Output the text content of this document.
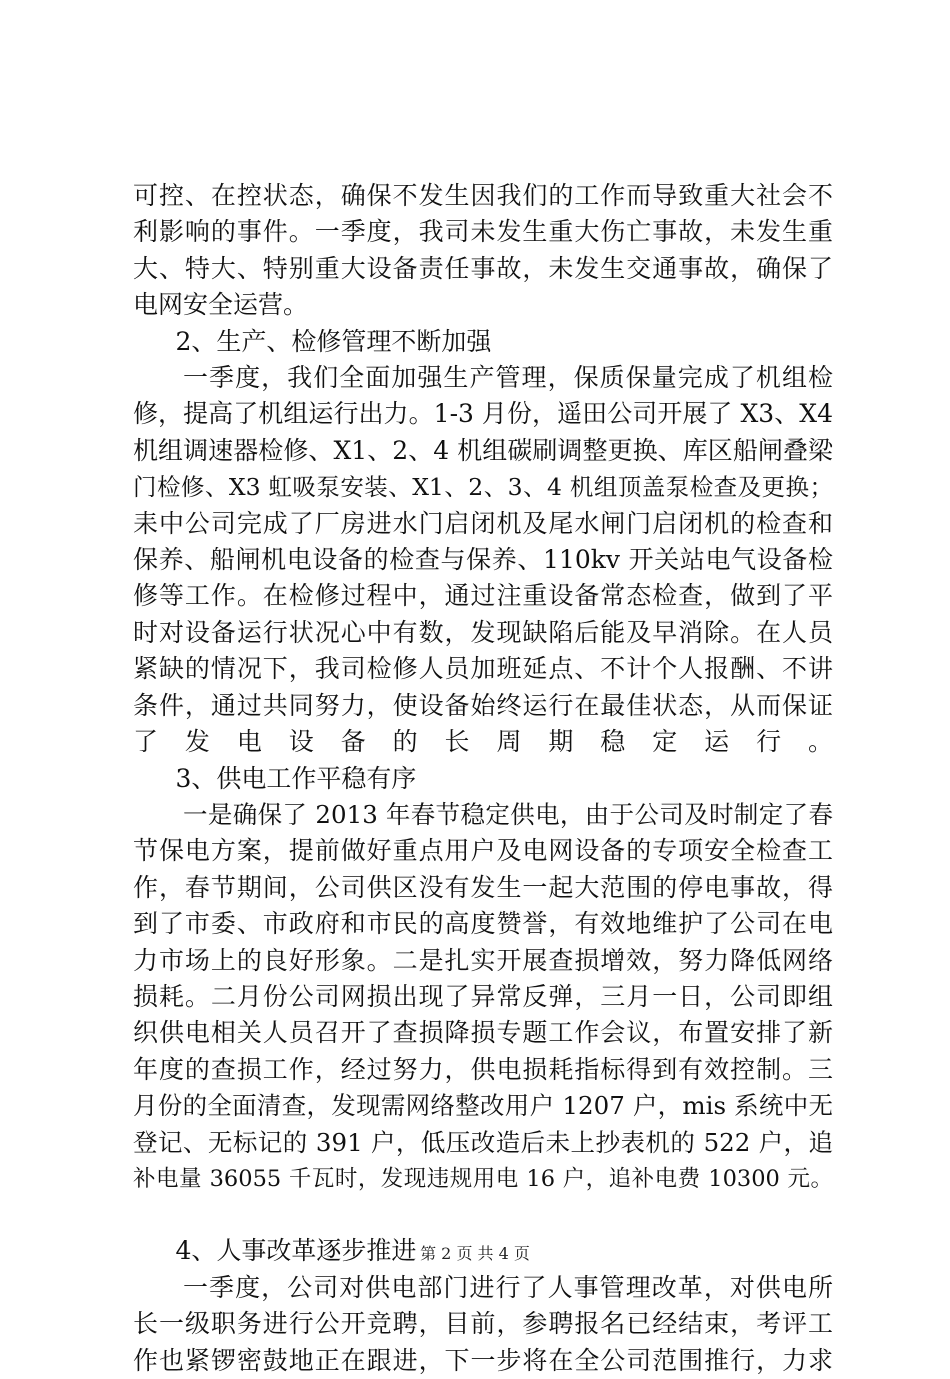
可控、在控状态，确保不发生因我们的工作而导致重大社会不
利影响的事件。一季度，我司未发生重大伤亡事故，未发生重
大、特大、特别重大设备责任事故，未发生交通事故，确保了
电网安全运营。
2、生产、检修管理不断加强
一季度，我们全面加强生产管理，保质保量完成了机组检
修，提高了机组运行出力。1-3 月份，遥田公司开展了 X3、X4
机组调速器检修、X1、2、4 机组碳刷调整更换、库区船闸叠梁
门检修、X3 虹吸泵安装、X1、2、3、4 机组顶盖泵检查及更换；
耒中公司完成了厂房进水门启闭机及尾水闸门启闭机的检查和
保养、船闸机电设备的检查与保养、110kv 开关站电气设备检
修等工作。在检修过程中，通过注重设备常态检查，做到了平
时对设备运行状况心中有数，发现缺陷后能及早消除。在人员
紧缺的情况下，我司检修人员加班延点、不计个人报酬、不讲
条件，通过共同努力，使设备始终运行在最佳状态，从而保证
了发电设备的长周期稳定运行。
3、供电工作平稳有序
一是确保了 2013 年春节稳定供电，由于公司及时制定了春
节保电方案，提前做好重点用户及电网设备的专项安全检查工
作，春节期间，公司供区没有发生一起大范围的停电事故，得
到了市委、市政府和市民的高度赞誉，有效地维护了公司在电
力市场上的良好形象。二是扎实开展查损增效，努力降低网络
损耗。二月份公司网损出现了异常反弹，三月一日，公司即组
织供电相关人员召开了查损降损专题工作会议，布置安排了新
年度的查损工作，经过努力，供电损耗指标得到有效控制。三
月份的全面清查，发现需网络整改用户 1207 户，mis 系统中无
登记、无标记的 391 户，低压改造后未上抄表机的 522 户，追
补电量 36055 千瓦时，发现违规用电 16 户，追补电费 10300 元。
4、人事改革逐步推进
一季度，公司对供电部门进行了人事管理改革，对供电所
长一级职务进行公开竞聘，目前，参聘报名已经结束，考评工
作也紧锣密鼓地正在跟进，下一步将在全公司范围推行，力求
第 2 页 共 4 页
